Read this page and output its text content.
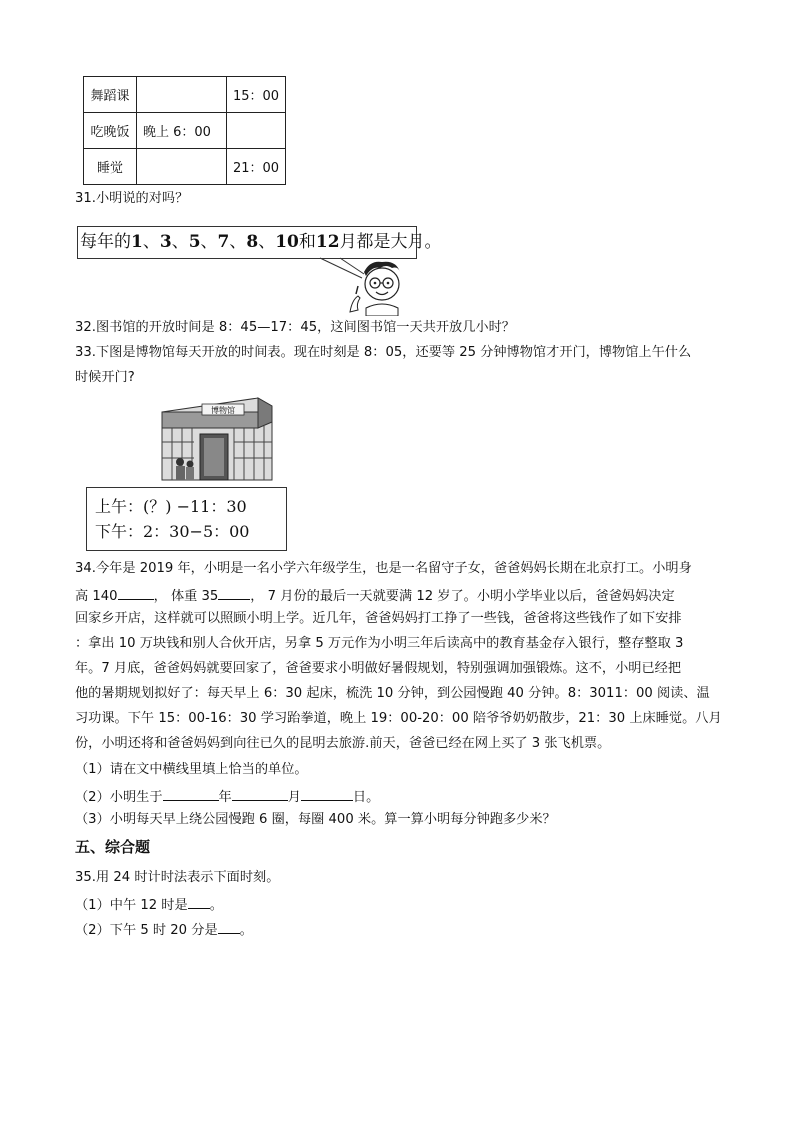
舞蹈课		15：00
吃晚饭	晚上 6：00	
睡觉		21：00
31.小明说的对吗？
每年的1、3、5、7、8、10和12月都是大月。
32.图书馆的开放时间是 8：45—17：45，这间图书馆一天共开放几小时？
33.下图是博物馆每天开放的时间表。现在时刻是 8：05，还要等 25 分钟博物馆才开门，博物馆上午什么
时候开门?
博物馆
上午：(？) −11：30
下午：2：30−5：00
34.今年是 2019 年，小明是一名小学六年级学生，也是一名留守子女，爸爸妈妈长期在北京打工。小明身
高 140	， 体重 35 ， 7 月份的最后一天就要满 12 岁了。小明小学毕业以后，爸爸妈妈决定
回家乡开店，这样就可以照顾小明上学。近几年，爸爸妈妈打工挣了一些钱，爸爸将这些钱作了如下安排
：拿出 10 万块钱和别人合伙开店，另拿 5 万元作为小明三年后读高中的教育基金存入银行，整存整取 3
年。7 月底，爸爸妈妈就要回家了，爸爸要求小明做好暑假规划，特别强调加强锻炼。这不，小明已经把
他的暑期规划拟好了：每天早上 6：30 起床，梳洗 10 分钟，到公园慢跑 40 分钟。8：3011：00 阅读、温
习功课。下午 15：00-16：30 学习跆拳道，晚上 19：00-20：00 陪爷爷奶奶散步，21：30 上床睡觉。八月
份，小明还将和爸爸妈妈到向往已久的昆明去旅游.前天，爸爸已经在网上买了 3 张飞机票。
（1）请在文中横线里填上恰当的单位。
（2）小明生于	年	月	日。
（3）小明每天早上绕公园慢跑 6 圈，每圈 400 米。算一算小明每分钟跑多少米？
五、综合题
35.用 24 时计时法表示下面时刻。
（1）中午 12 时是 。
（2）下午 5 时 20 分是 。
